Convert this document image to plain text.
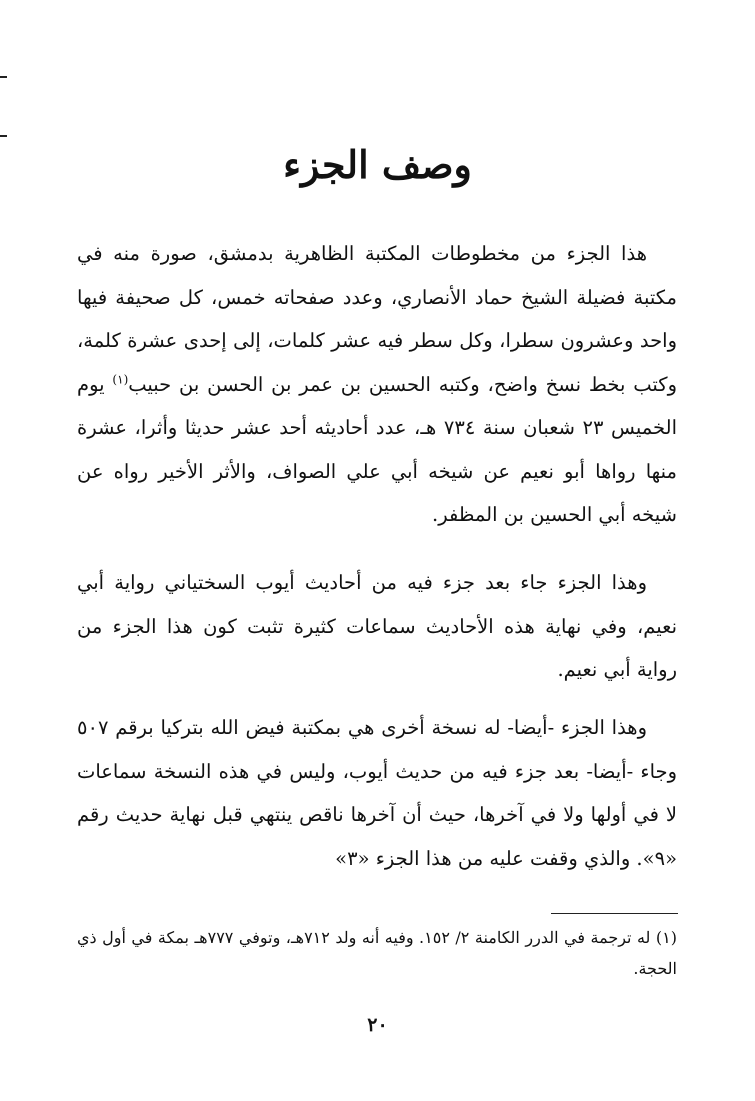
وصف الجزء

هذا الجزء من مخطوطات المكتبة الظاهرية بدمشق، صورة منه في مكتبة فضيلة الشيخ حماد الأنصاري، وعدد صفحاته خمس، كل صحيفة فيها واحد وعشرون سطرا، وكل سطر فيه عشر كلمات، إلى إحدى عشرة كلمة، وكتب بخط نسخ واضح، وكتبه الحسين بن عمر بن الحسن بن حبيب$^{(١)}$ يوم الخميس ٢٣ شعبان سنة ٧٣٤ هـ، عدد أحاديثه أحد عشر حديثا وأثرا، عشرة منها رواها أبو نعيم عن شيخه أبي علي الصواف، والأثر الأخير رواه عن شيخه أبي الحسين بن المظفر.

وهذا الجزء جاء بعد جزء فيه من أحاديث أيوب السختياني رواية أبي نعيم، وفي نهاية هذه الأحاديث سماعات كثيرة تثبت كون هذا الجزء من رواية أبي نعيم.

وهذا الجزء -أيضا- له نسخة أخرى هي بمكتبة فيض الله بتركيا برقم ٥٠٧ وجاء -أيضا- بعد جزء فيه من حديث أيوب، وليس في هذه النسخة سماعات لا في أولها ولا في آخرها، حيث أن آخرها ناقص ينتهي قبل نهاية حديث رقم «٩». والذي وقفت عليه من هذا الجزء «٣»

(١) له ترجمة في الدرر الكامنة ٢/ ١٥٢. وفيه أنه ولد ٧١٢هـ، وتوفي ٧٧٧هـ بمكة في أول ذي الحجة.

٢٠
